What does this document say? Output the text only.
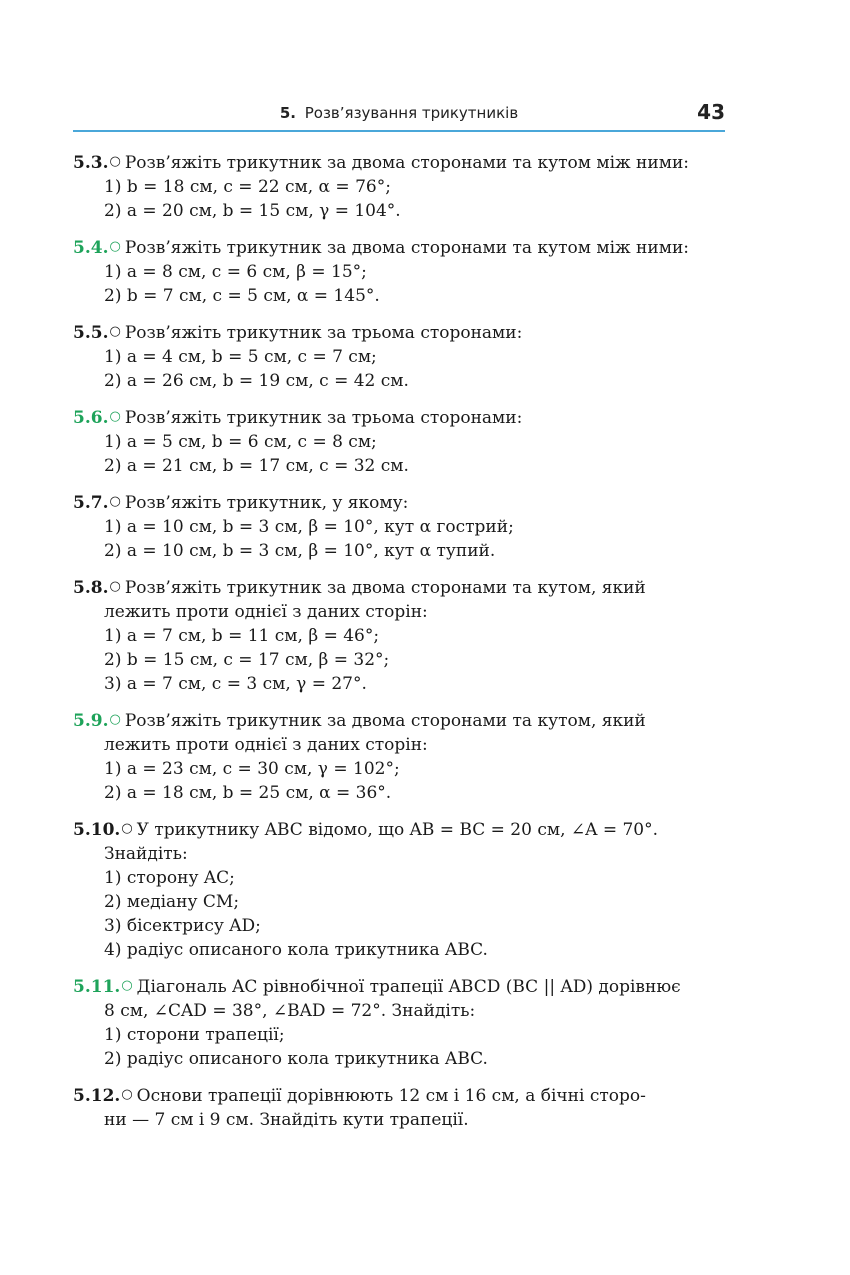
5. Розв’язування трикутників	43
5.3.○ Розв’яжіть трикутник за двома сторонами та кутом між ними:
1) b = 18 см, c = 22 см, α = 76°;
2) a = 20 см, b = 15 см, γ = 104°.
5.4.○ Розв’яжіть трикутник за двома сторонами та кутом між ними:
1) a = 8 см, c = 6 см, β = 15°;
2) b = 7 см, c = 5 см, α = 145°.
5.5.○ Розв’яжіть трикутник за трьома сторонами:
1) a = 4 см, b = 5 см, c = 7 см;
2) a = 26 см, b = 19 см, c = 42 см.
5.6.○ Розв’яжіть трикутник за трьома сторонами:
1) a = 5 см, b = 6 см, c = 8 см;
2) a = 21 см, b = 17 см, c = 32 см.
5.7.○ Розв’яжіть трикутник, у якому:
1) a = 10 см, b = 3 см, β = 10°, кут α гострий;
2) a = 10 см, b = 3 см, β = 10°, кут α тупий.
5.8.○ Розв’яжіть трикутник за двома сторонами та кутом, який
лежить проти однієї з даних сторін:
1) a = 7 см, b = 11 см, β = 46°;
2) b = 15 см, c = 17 см, β = 32°;
3) a = 7 см, c = 3 см, γ = 27°.
5.9.○ Розв’яжіть трикутник за двома сторонами та кутом, який
лежить проти однієї з даних сторін:
1) a = 23 см, c = 30 см, γ = 102°;
2) a = 18 см, b = 25 см, α = 36°.
5.10.○ У трикутнику ABC відомо, що AB = BC = 20 см, ∠A = 70°.
Знайдіть:
1) сторону AC;
2) медіану CM;
3) бісектрису AD;
4) радіус описаного кола трикутника ABC.
5.11.○ Діагональ AC рівнобічної трапеції ABCD (BC || AD) дорівнює
8 см, ∠CAD = 38°, ∠BAD = 72°. Знайдіть:
1) сторони трапеції;
2) радіус описаного кола трикутника ABC.
5.12.○ Основи трапеції дорівнюють 12 см і 16 см, а бічні сторо-
ни — 7 см і 9 см. Знайдіть кути трапеції.
